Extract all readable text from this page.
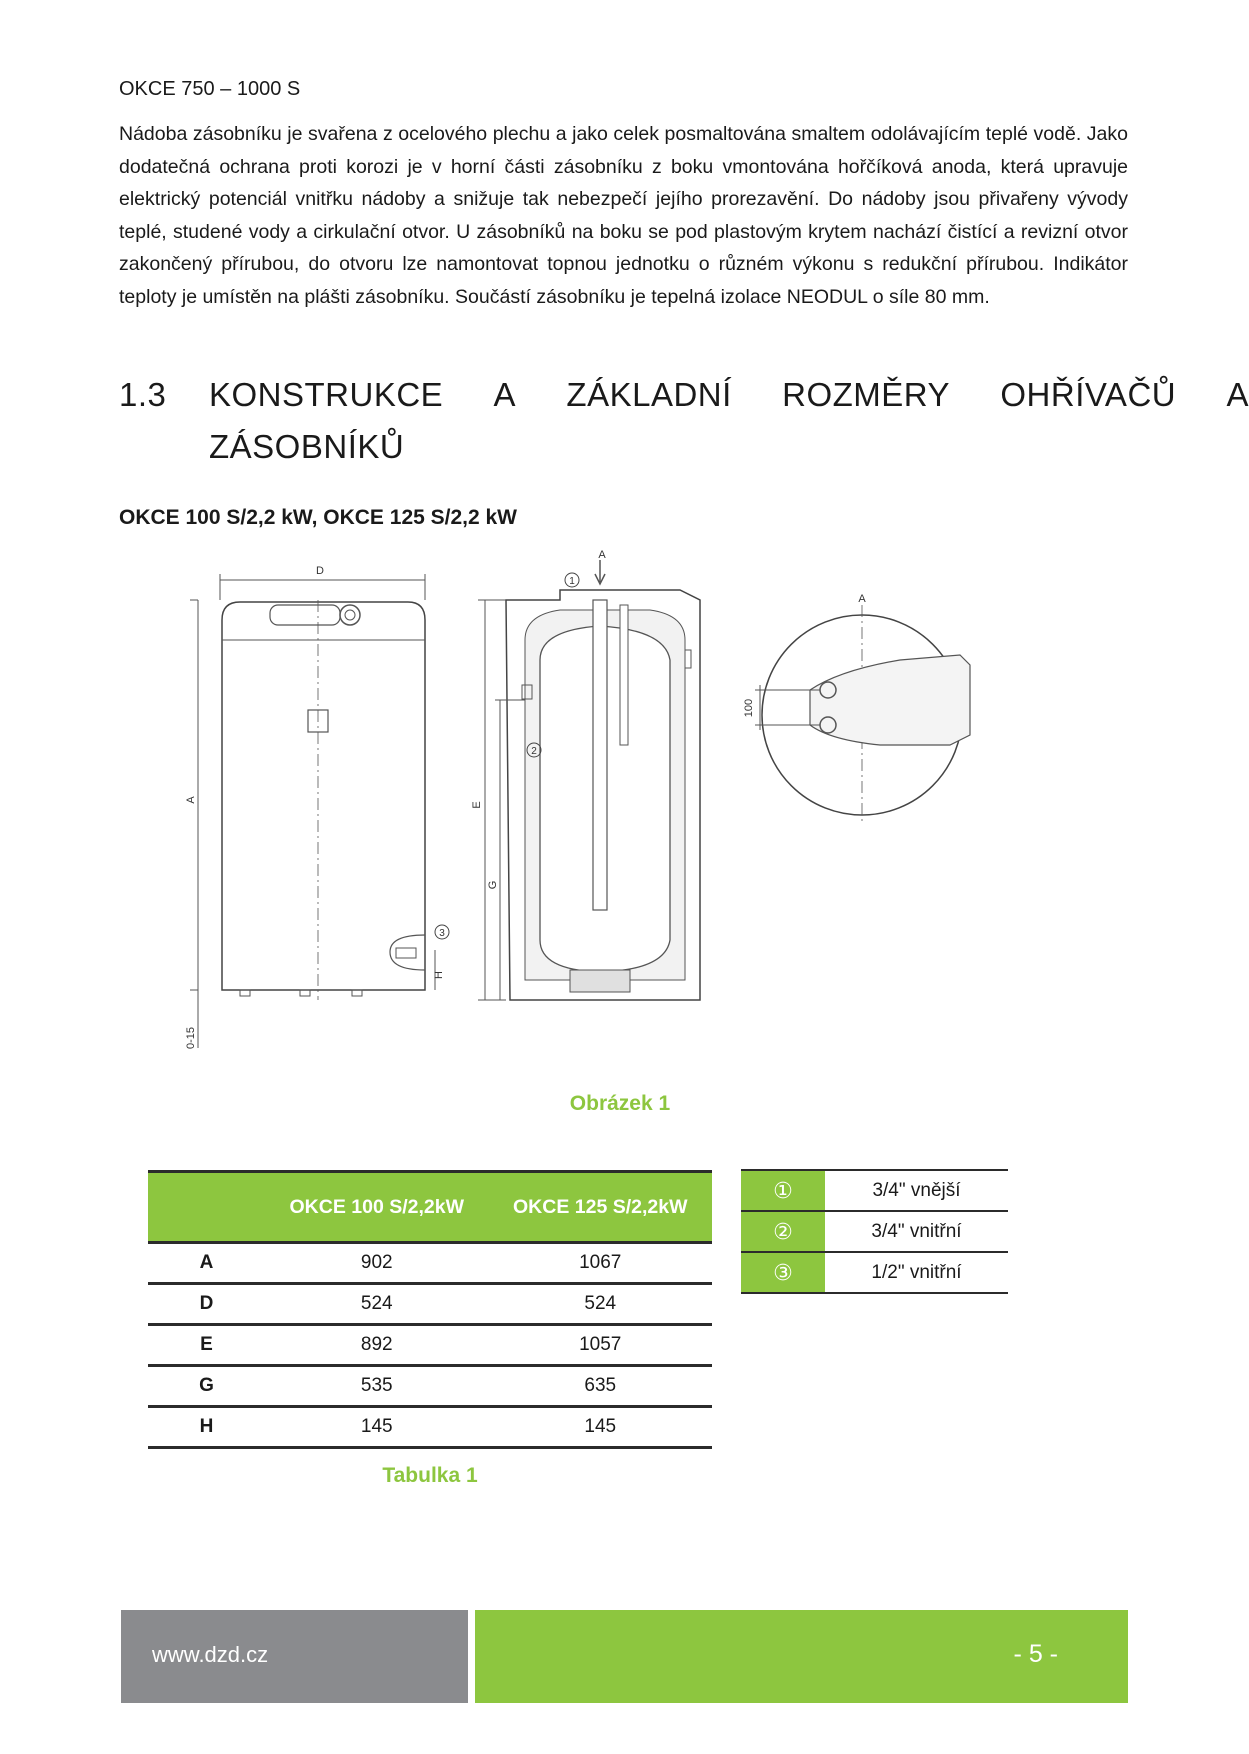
OKCE 750 – 1000 S

Nádoba zásobníku je svařena z ocelového plechu a jako celek posmaltována smaltem odolávajícím teplé vodě. Jako dodatečná ochrana proti korozi je v horní části zásobníku z boku vmontována hořčíková anoda, která upravuje elektrický potenciál vnitřku nádoby a snižuje tak nebezpečí jejího prorezavění. Do nádoby jsou přivařeny vývody teplé, studené vody a cirkulační otvor. U zásobníků na boku se pod plastovým krytem nachází čistící a revizní otvor zakončený přírubou, do otvoru lze namontovat topnou jednotku o různém výkonu s redukční přírubou. Indikátor teploty je umístěn na plášti zásobníku. Součástí zásobníku je tepelná izolace NEODUL o síle 80 mm.

1.3 KONSTRUKCE A ZÁKLADNÍ ROZMĚRY OHŘÍVAČŮ A
ZÁSOBNÍKŮ
OKCE 100 S/2,2 kW, OKCE 125 S/2,2 kW
D
A
H
0-15
E
G
A
A
100
1
2
3
Obrázek 1
	OKCE 100 S/2,2kW	OKCE 125 S/2,2kW
A	902	1067
D	524	524
E	892	1057
G	535	635
H	145	145
①	3/4" vnější
②	3/4" vnitřní
③	1/2" vnitřní
Tabulka 1
www.dzd.cz	- 5 -
